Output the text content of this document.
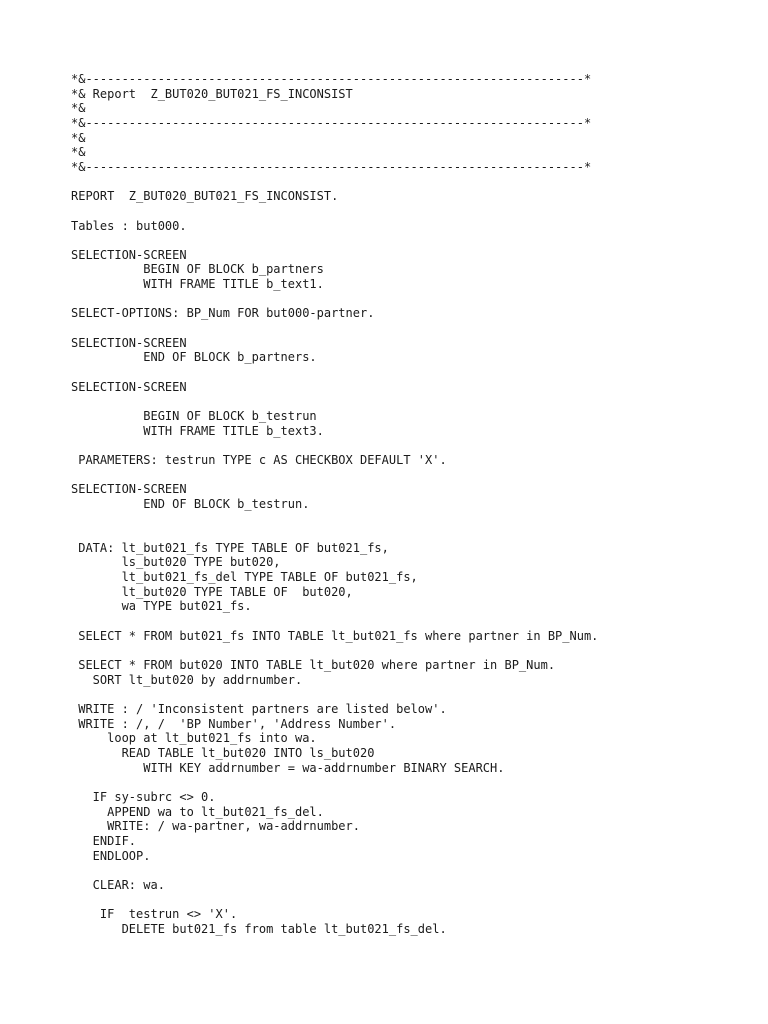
*&---------------------------------------------------------------------*
*& Report  Z_BUT020_BUT021_FS_INCONSIST
*&
*&---------------------------------------------------------------------*
*&
*&
*&---------------------------------------------------------------------*
REPORT  Z_BUT020_BUT021_FS_INCONSIST.
Tables : but000.
SELECTION-SCREEN
BEGIN OF BLOCK b_partners
WITH FRAME TITLE b_text1.
SELECT-OPTIONS: BP_Num FOR but000-partner.
SELECTION-SCREEN
END OF BLOCK b_partners.
SELECTION-SCREEN
BEGIN OF BLOCK b_testrun
WITH FRAME TITLE b_text3.
PARAMETERS: testrun TYPE c AS CHECKBOX DEFAULT 'X'.
SELECTION-SCREEN
END OF BLOCK b_testrun.
DATA: lt_but021_fs TYPE TABLE OF but021_fs,
ls_but020 TYPE but020,
lt_but021_fs_del TYPE TABLE OF but021_fs,
lt_but020 TYPE TABLE OF  but020,
wa TYPE but021_fs.
SELECT * FROM but021_fs INTO TABLE lt_but021_fs where partner in BP_Num.
SELECT * FROM but020 INTO TABLE lt_but020 where partner in BP_Num.
SORT lt_but020 by addrnumber.
WRITE : / 'Inconsistent partners are listed below'.
WRITE : /, /  'BP Number', 'Address Number'.
loop at lt_but021_fs into wa.
READ TABLE lt_but020 INTO ls_but020
WITH KEY addrnumber = wa-addrnumber BINARY SEARCH.
IF sy-subrc <> 0.
APPEND wa to lt_but021_fs_del.
WRITE: / wa-partner, wa-addrnumber.
ENDIF.
ENDLOOP.
CLEAR: wa.
IF  testrun <> 'X'.
DELETE but021_fs from table lt_but021_fs_del.
